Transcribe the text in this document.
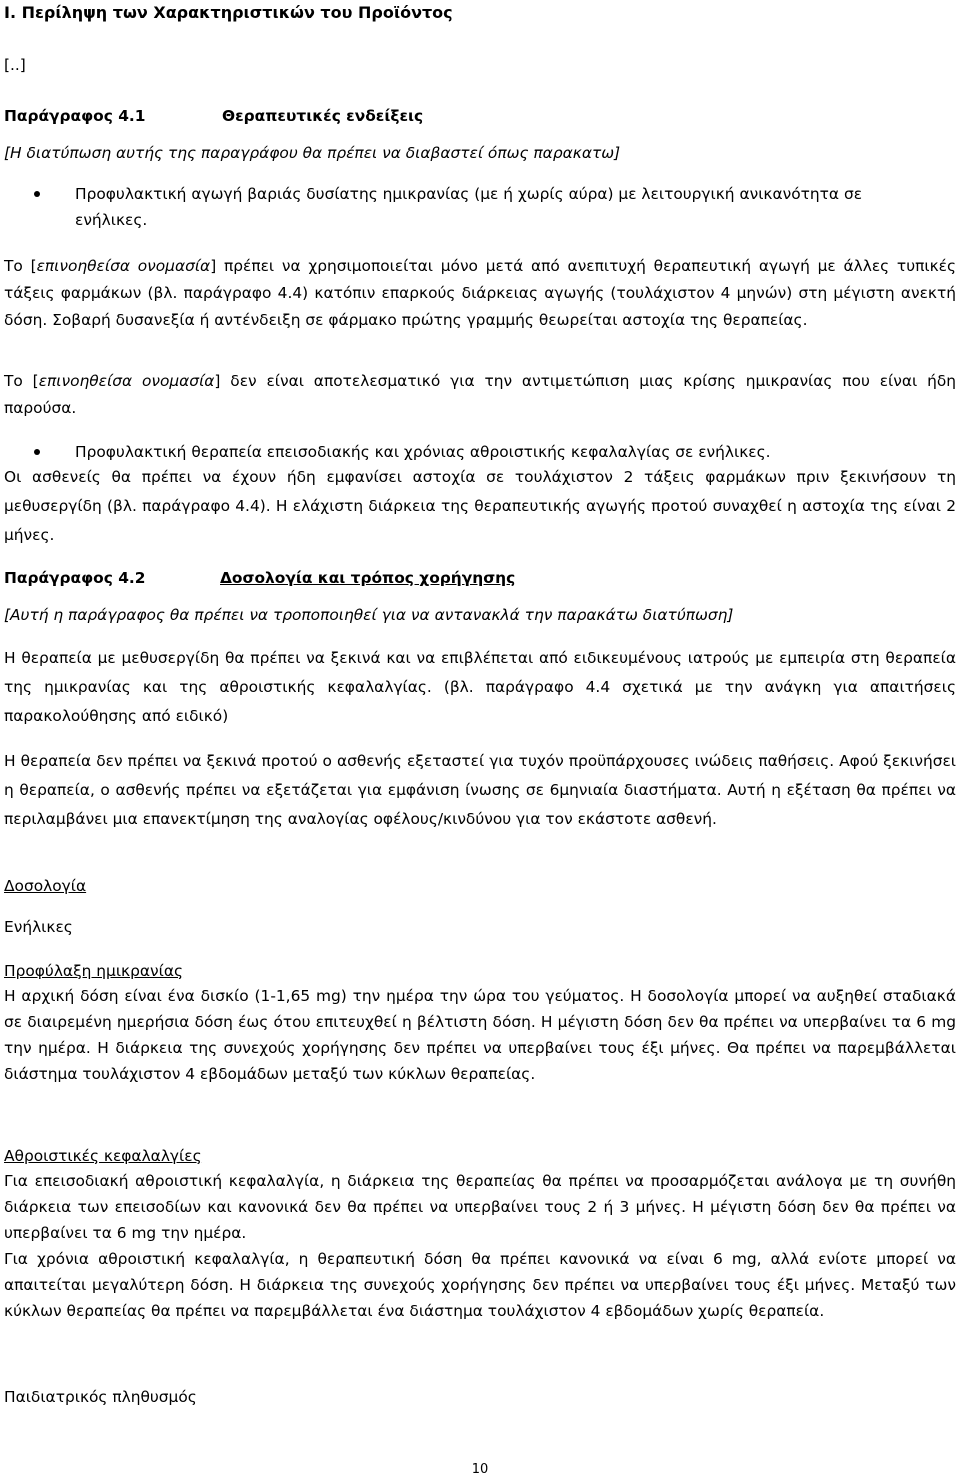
I. Περίληψη των Χαρακτηριστικών του Προϊόντος
[..]
Παράγραφος 4.1	Θεραπευτικές ενδείξεις
[Η διατύπωση αυτής της παραγράφου θα πρέπει να διαβαστεί όπως παρακατω]
Προφυλακτική αγωγή βαριάς δυσίατης ημικρανίας (με ή χωρίς αύρα) με λειτουργική ανικανότητα σε ενήλικες.
Το [επινοηθείσα ονομασία] πρέπει να χρησιμοποιείται μόνο μετά από ανεπιτυχή θεραπευτική αγωγή με άλλες τυπικές τάξεις φαρμάκων (βλ. παράγραφο 4.4) κατόπιν επαρκούς διάρκειας αγωγής (τουλάχιστον 4 μηνών) στη μέγιστη ανεκτή δόση. Σοβαρή δυσανεξία ή αντένδειξη σε φάρμακο πρώτης γραμμής θεωρείται αστοχία της θεραπείας.
Το [επινοηθείσα ονομασία] δεν είναι αποτελεσματικό για την αντιμετώπιση μιας κρίσης ημικρανίας που είναι ήδη παρούσα.
Προφυλακτική θεραπεία επεισοδιακής και χρόνιας αθροιστικής κεφαλαλγίας σε ενήλικες.
Οι ασθενείς θα πρέπει να έχουν ήδη εμφανίσει αστοχία σε τουλάχιστον 2 τάξεις φαρμάκων πριν ξεκινήσουν τη μεθυσεργίδη (βλ. παράγραφο 4.4). Η ελάχιστη διάρκεια της θεραπευτικής αγωγής προτού συναχθεί η αστοχία της είναι 2 μήνες.
Παράγραφος 4.2	Δοσολογία και τρόπος χορήγησης
[Αυτή η παράγραφος θα πρέπει να τροποποιηθεί για να αντανακλά την παρακάτω διατύπωση]
Η θεραπεία με μεθυσεργίδη θα πρέπει να ξεκινά και να επιβλέπεται από ειδικευμένους ιατρούς με εμπειρία στη θεραπεία της ημικρανίας και της αθροιστικής κεφαλαλγίας. (βλ. παράγραφο 4.4 σχετικά με την ανάγκη για απαιτήσεις παρακολούθησης από ειδικό)
Η θεραπεία δεν πρέπει να ξεκινά προτού ο ασθενής εξεταστεί για τυχόν προϋπάρχουσες ινώδεις παθήσεις. Αφού ξεκινήσει η θεραπεία, ο ασθενής πρέπει να εξετάζεται για εμφάνιση ίνωσης σε 6μηνιαία διαστήματα. Αυτή η εξέταση θα πρέπει να περιλαμβάνει μια επανεκτίμηση της αναλογίας οφέλους/κινδύνου για τον εκάστοτε ασθενή.
Δοσολογία
Ενήλικες
Προφύλαξη ημικρανίας
Η αρχική δόση είναι ένα δισκίο (1-1,65 mg) την ημέρα την ώρα του γεύματος. Η δοσολογία μπορεί να αυξηθεί σταδιακά σε διαιρεμένη ημερήσια δόση έως ότου επιτευχθεί η βέλτιστη δόση. Η μέγιστη δόση δεν θα πρέπει να υπερβαίνει τα 6 mg την ημέρα. Η διάρκεια της συνεχούς χορήγησης δεν πρέπει να υπερβαίνει τους έξι μήνες. Θα πρέπει να παρεμβάλλεται διάστημα τουλάχιστον 4 εβδομάδων μεταξύ των κύκλων θεραπείας.
Αθροιστικές κεφαλαλγίες
Για επεισοδιακή αθροιστική κεφαλαλγία, η διάρκεια της θεραπείας θα πρέπει να προσαρμόζεται ανάλογα με τη συνήθη διάρκεια των επεισοδίων και κανονικά δεν θα πρέπει να υπερβαίνει τους 2 ή 3 μήνες. Η μέγιστη δόση δεν θα πρέπει να υπερβαίνει τα 6 mg την ημέρα.
Για χρόνια αθροιστική κεφαλαλγία, η θεραπευτική δόση θα πρέπει κανονικά να είναι 6 mg, αλλά ενίοτε μπορεί να απαιτείται μεγαλύτερη δόση. Η διάρκεια της συνεχούς χορήγησης δεν πρέπει να υπερβαίνει τους έξι μήνες. Μεταξύ των κύκλων θεραπείας θα πρέπει να παρεμβάλλεται ένα διάστημα τουλάχιστον 4 εβδομάδων χωρίς θεραπεία.
Παιδιατρικός πληθυσμός
10
